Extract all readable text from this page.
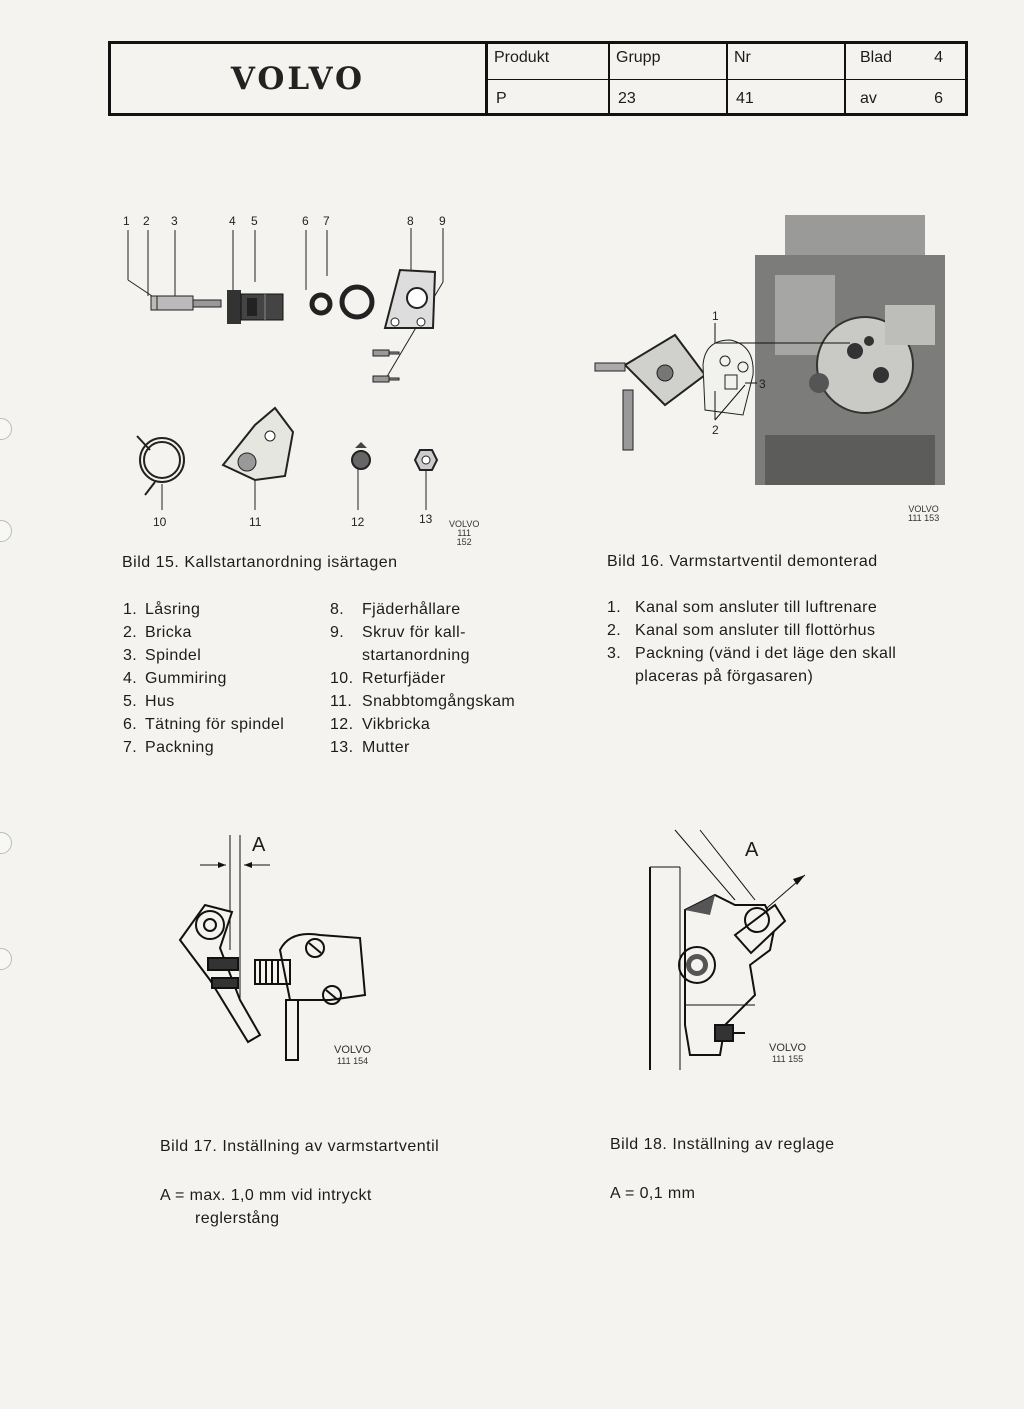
VOLVO
Produkt
P
Grupp
23
Nr
41
Blad	4
av	6
1 2 3	4 5	6 7	8 9
10	11	12	13 VOLVO
111 152
1
2
3
VOLVO
111 153
Bild 15. Kallstartanordning isärtagen	Bild 16. Varmstartventil demonterad
1. Låsring
2. Bricka
3. Spindel
4. Gummiring
5. Hus
6. Tätning för spindel
7. Packning
8.	Fjäderhållare
9.	Skruv för kall-
startanordning
10. Returfjäder
11. Snabbtomgångskam
12. Vikbricka
13. Mutter
1. Kanal som ansluter till luftrenare
2. Kanal som ansluter till flottörhus
3. Packning (vänd i det läge den skall
placeras på förgasaren)
A
VOLVO
111 154
A
VOLVO
111 155
Bild 17. Inställning av varmstartventil	Bild 18. Inställning av reglage
A = max. 1,0 mm vid intryckt
reglerstång
A = 0,1 mm
